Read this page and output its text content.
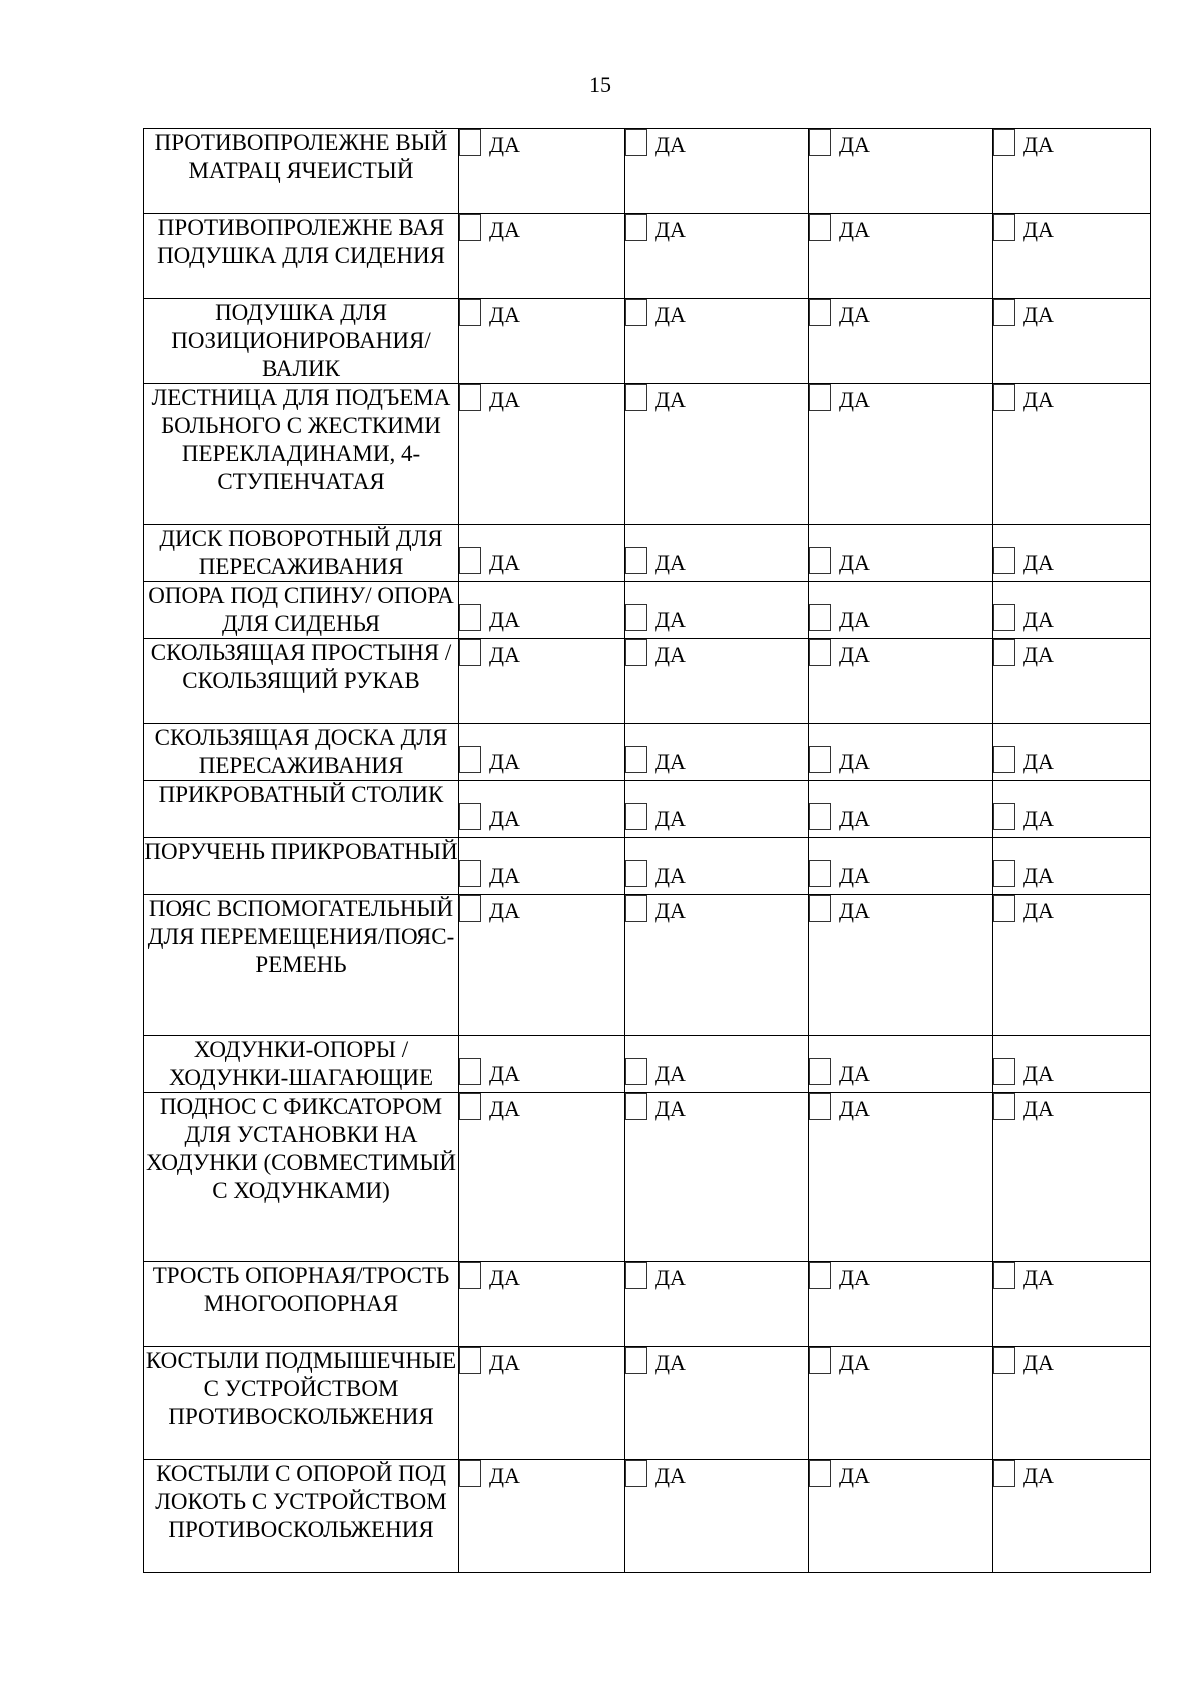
15
ПРОТИВОПРОЛЕЖНЕ ВЫЙ МАТРАЦ ЯЧЕИСТЫЙ	ДА	ДА	ДА	ДА
ПРОТИВОПРОЛЕЖНЕ ВАЯ ПОДУШКА ДЛЯ СИДЕНИЯ	ДА	ДА	ДА	ДА
ПОДУШКА ДЛЯ ПОЗИЦИОНИРОВАНИЯ/ ВАЛИК	ДА	ДА	ДА	ДА
ЛЕСТНИЦА ДЛЯ ПОДЪЕМА БОЛЬНОГО С ЖЕСТКИМИ ПЕРЕКЛАДИНАМИ, 4-СТУПЕНЧАТАЯ	ДА	ДА	ДА	ДА
ДИСК ПОВОРОТНЫЙ ДЛЯ ПЕРЕСАЖИВАНИЯ	ДА	ДА	ДА	ДА
ОПОРА ПОД СПИНУ/ ОПОРА ДЛЯ СИДЕНЬЯ	ДА	ДА	ДА	ДА
СКОЛЬЗЯЩАЯ ПРОСТЫНЯ /СКОЛЬЗЯЩИЙ РУКАВ	ДА	ДА	ДА	ДА
СКОЛЬЗЯЩАЯ ДОСКА ДЛЯ ПЕРЕСАЖИВАНИЯ	ДА	ДА	ДА	ДА
ПРИКРОВАТНЫЙ СТОЛИК	ДА	ДА	ДА	ДА
ПОРУЧЕНЬ ПРИКРОВАТНЫЙ	ДА	ДА	ДА	ДА
ПОЯС ВСПОМОГАТЕЛЬНЫЙ ДЛЯ ПЕРЕМЕЩЕНИЯ/ПОЯС-РЕМЕНЬ	ДА	ДА	ДА	ДА
ХОДУНКИ-ОПОРЫ /ХОДУНКИ-ШАГАЮЩИЕ	ДА	ДА	ДА	ДА
ПОДНОС С ФИКСАТОРОМ ДЛЯ УСТАНОВКИ НА ХОДУНКИ (СОВМЕСТИМЫЙ С ХОДУНКАМИ)	ДА	ДА	ДА	ДА
ТРОСТЬ ОПОРНАЯ/ТРОСТЬ МНОГООПОРНАЯ	ДА	ДА	ДА	ДА
КОСТЫЛИ ПОДМЫШЕЧНЫЕ С УСТРОЙСТВОМ ПРОТИВОСКОЛЬЖЕНИЯ	ДА	ДА	ДА	ДА
КОСТЫЛИ С ОПОРОЙ ПОД ЛОКОТЬ С УСТРОЙСТВОМ ПРОТИВОСКОЛЬЖЕНИЯ	ДА	ДА	ДА	ДА
